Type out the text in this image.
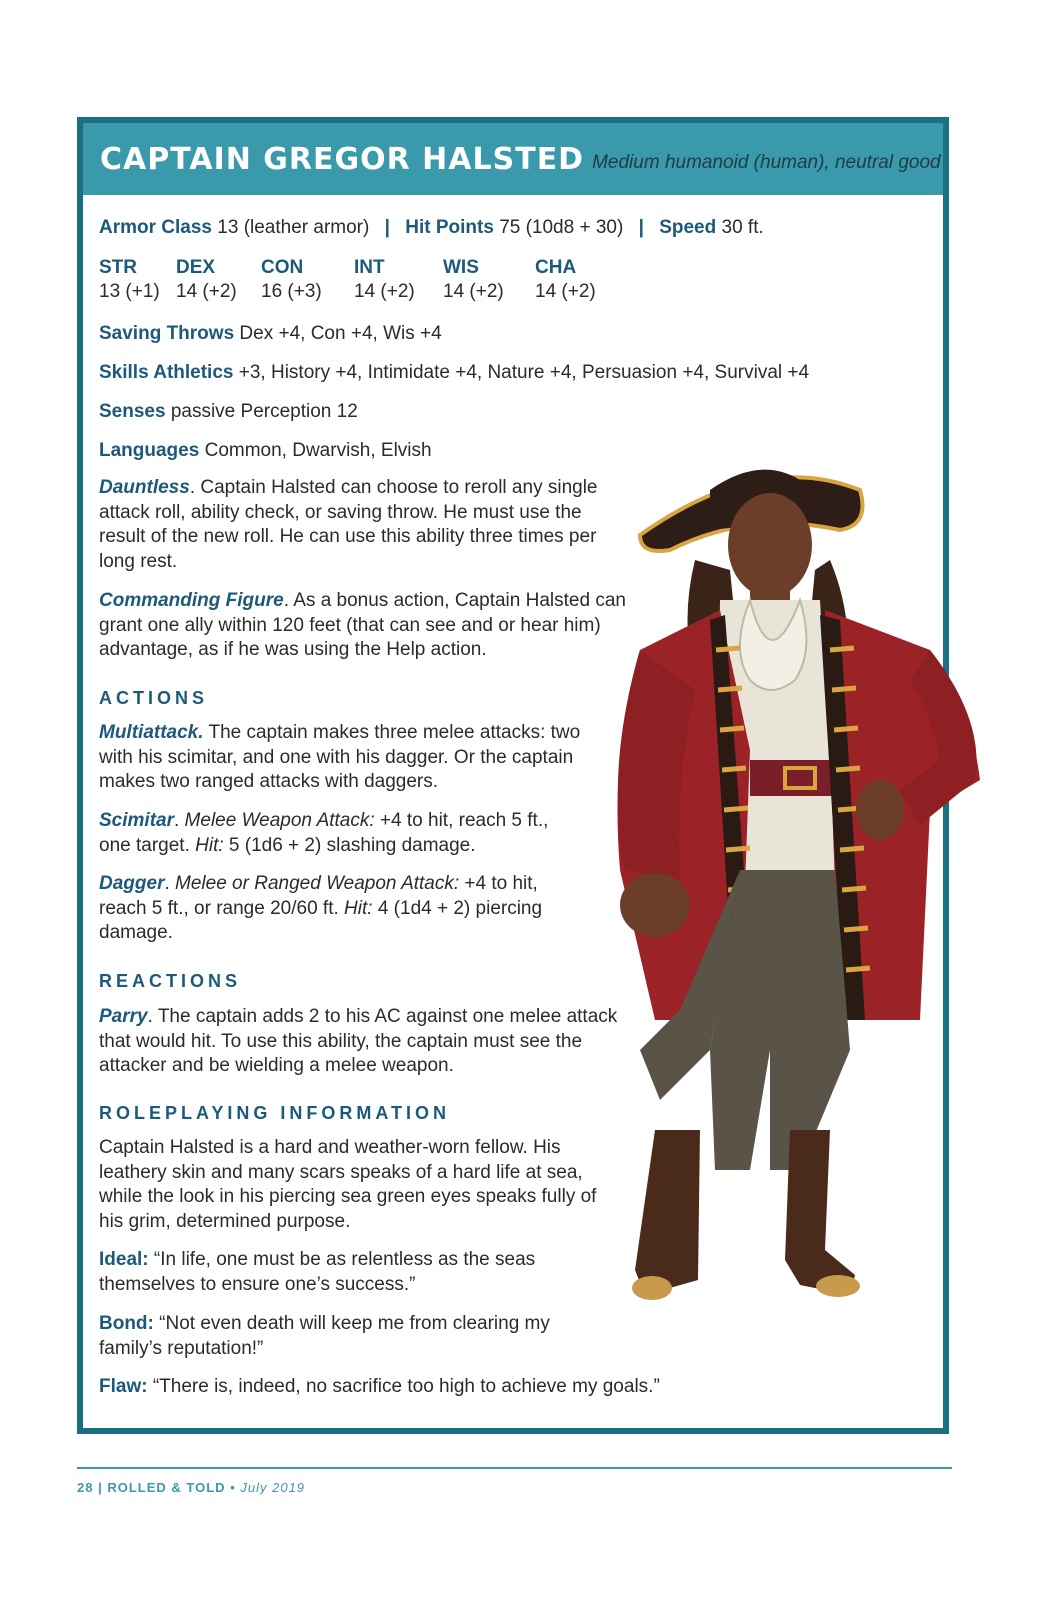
CAPTAIN GREGOR HALSTED Medium humanoid (human), neutral good
Armor Class 13 (leather armor) | Hit Points 75 (10d8 + 30) | Speed 30 ft.
STR
13 (+1)
DEX
14 (+2)
CON
16 (+3)
INT
14 (+2)
WIS
14 (+2)
CHA
14 (+2)
Saving Throws Dex +4, Con +4, Wis +4
Skills Athletics +3, History +4, Intimidate +4, Nature +4, Persuasion +4, Survival +4
Senses passive Perception 12
Languages Common, Dwarvish, Elvish
Dauntless. Captain Halsted can choose to reroll any single attack roll, ability check, or saving throw. He must use the result of the new roll. He can use this ability three times per long rest.
Commanding Figure. As a bonus action, Captain Halsted can grant one ally within 120 feet (that can see and or hear him) advantage, as if he was using the Help action.
ACTIONS
Multiattack. The captain makes three melee attacks: two with his scimitar, and one with his dagger. Or the captain makes two ranged attacks with daggers.
Scimitar. Melee Weapon Attack: +4 to hit, reach 5 ft., one target. Hit: 5 (1d6 + 2) slashing damage.
Dagger. Melee or Ranged Weapon Attack: +4 to hit, reach 5 ft., or range 20/60 ft. Hit: 4 (1d4 + 2) piercing damage.
REACTIONS
Parry. The captain adds 2 to his AC against one melee attack that would hit. To use this ability, the captain must see the attacker and be wielding a melee weapon.
ROLEPLAYING INFORMATION
Captain Halsted is a hard and weather-worn fellow. His leathery skin and many scars speaks of a hard life at sea, while the look in his piercing sea green eyes speaks fully of his grim, determined purpose.
Ideal: “In life, one must be as relentless as the seas themselves to ensure one’s success.”
Bond: “Not even death will keep me from clearing my family’s reputation!”
Flaw: “There is, indeed, no sacrifice too high to achieve my goals.”
28 | ROLLED & TOLD • July 2019
